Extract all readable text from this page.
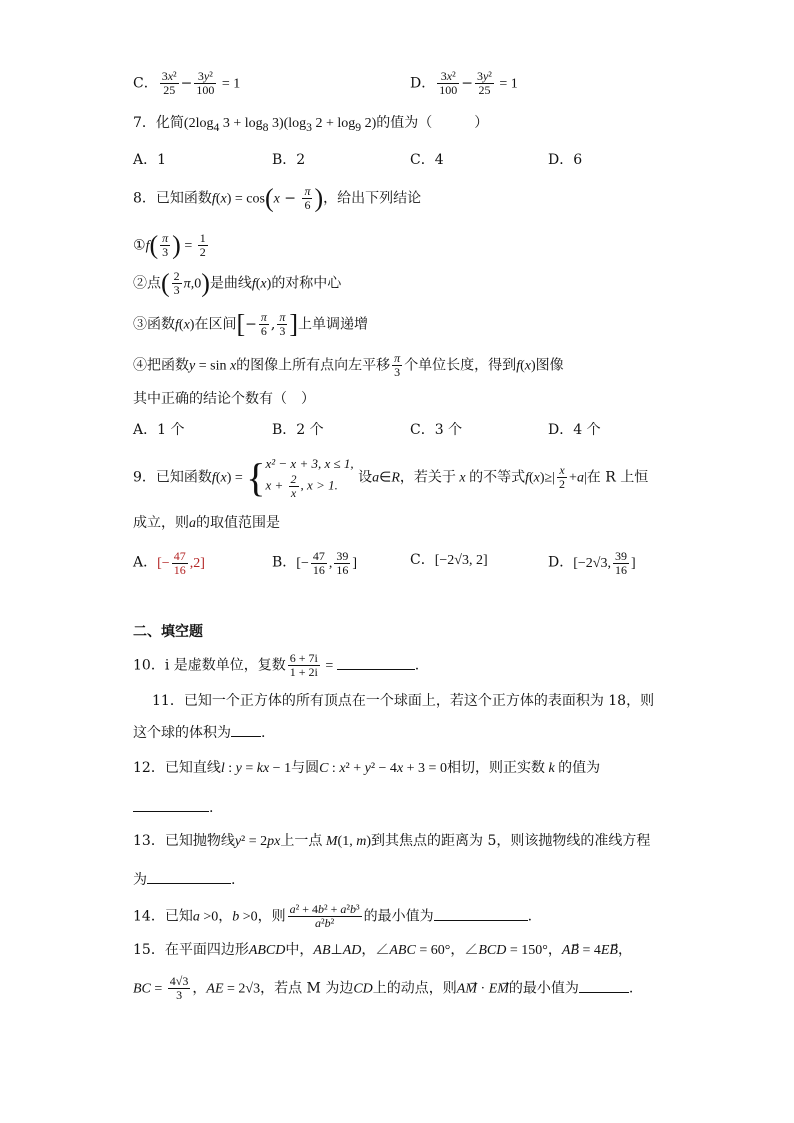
C． $\frac{\text{3x²}}{25} - \frac{\text{3y²}}{100} = 1$	D． $\frac{\text{3x²}}{100} - \frac{\text{3y²}}{25} = 1$
7．化简($2\log_4$ $3 + \log_8 3)(\log_3$ $2 + \log_9 2$)的值为（　　　）
A．1	B．2	C．4	D．6
8．已知函数$f(x) = \cos(x - \frac{\pi}{6}$ )，给出下列结论
①f( $\frac{\pi}{3}$ ) = $\frac{1}{2}$
②点( $\frac{2}{3} \pi,0$)是曲线f(x)的对称中心
③函数f(x)在区间[− $\frac{\pi}{6}$ , $\frac{\pi}{3}$ ]上单调递增
④把函数y = sin x的图像上所有点向左平移 $\frac{\pi}{3}$ 个单位长度，得到f(x)图像
其中正确的结论个数有（　）
A．1 个	B．2 个	C．3 个	D．4 个
9．已知函数f(x) = { x² − x + 3, x ≤ 1,
$x + \frac{2}{x}$ , x > 1.	设a∈R，若关于 x 的不等式$f(x)\ge| \frac{x}{2} +a|$在 R 上恒
成立，则a的取值范围是
A．[− $\frac{47}{16} ,2$]	B．[− $\frac{47}{16}$ , $\frac{39}{16}$ ]	C．[−2√3, 2]	D．[−2√3, $\frac{39}{16}$ ]
二、填空题
10．i 是虚数单位，复数 $\frac{6 + 7i}{1 + 2i}$ =	.
11．已知一个正方体的所有顶点在一个球面上，若这个正方体的表面积为 18，则
这个球的体积为 .
12．已知直线l : y = kx − 1与圆C : x² + y² − 4x + 3 = 0相切，则正实数 k 的值为
.
13．已知抛物线y² = 2px上一点 M(1, m)到其焦点的距离为 5，则该抛物线的准线方程
为	.
14．已知a >0，b >0，则 $\frac{\text{a² + 4b² + a²b³}}{\text{a²b²}}$ 的最小值为	.
15．在平面四边形ABCD中，AB⊥AD，∠ABC = 60°，∠BCD = 150°，AB⃗ = 4EB⃗，
BC = $\frac{4√3}{3}$ ，AE = 2√3，若点 M 为边CD上的动点，则AM⃗ · EM的最小值为	.
